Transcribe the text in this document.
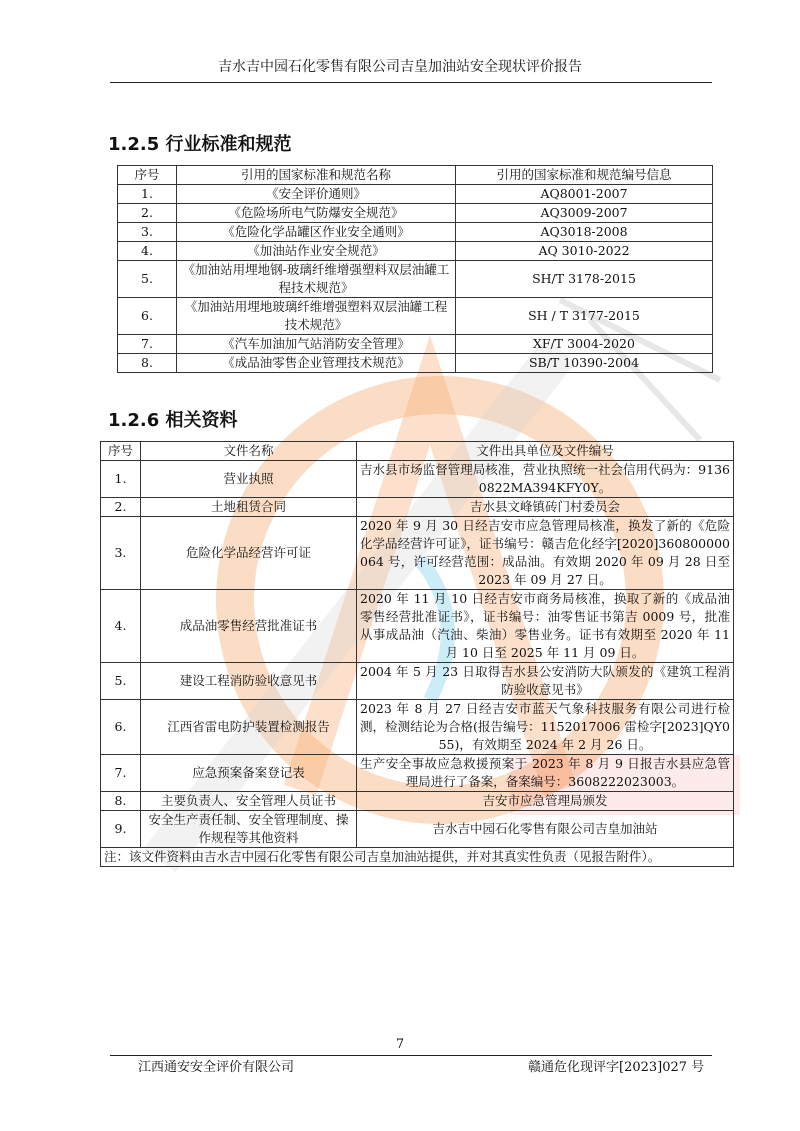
吉水吉中园石化零售有限公司吉皇加油站安全现状评价报告
1.2.5 行业标准和规范
序号	引用的国家标准和规范名称	引用的国家标准和规范编号信息
1.	《安全评价通则》	AQ8001-2007
2.	《危险场所电气防爆安全规范》	AQ3009-2007
3.	《危险化学品罐区作业安全通则》	AQ3018-2008
4.	《加油站作业安全规范》	AQ 3010-2022
5.	《加油站用埋地钢-玻璃纤维增强塑料双层油罐工程技术规范》	SH/T 3178-2015
6.	《加油站用埋地玻璃纤维增强塑料双层油罐工程技术规范》	SH / T 3177-2015
7.	《汽车加油加气站消防安全管理》	XF/T 3004-2020
8.	《成品油零售企业管理技术规范》	SB/T 10390-2004
1.2.6 相关资料
序号	文件名称	文件出具单位及文件编号
1.	营业执照	吉水县市场监督管理局核准，营业执照统一社会信用代码为：91360822MA394KFY0Y。
2.	土地租赁合同	吉水县文峰镇砖门村委员会
3.	危险化学品经营许可证	2020 年 9 月 30 日经吉安市应急管理局核准，换发了新的《危险化学品经营许可证》，证书编号：赣吉危化经字[2020]360800000064 号，许可经营范围：成品油。有效期 2020 年 09 月 28 日至 2023 年 09 月 27 日。
4.	成品油零售经营批准证书	2020 年 11 月 10 日经吉安市商务局核准，换取了新的《成品油零售经营批准证书》，证书编号：油零售证书第吉 0009 号，批准从事成品油（汽油、柴油）零售业务。证书有效期至 2020 年 11 月 10 日至 2025 年 11 月 09 日。
5.	建设工程消防验收意见书	2004 年 5 月 23 日取得吉水县公安消防大队颁发的《建筑工程消防验收意见书》
6.	江西省雷电防护装置检测报告	2023 年 8 月 27 日经吉安市蓝天气象科技服务有限公司进行检测，检测结论为合格(报告编号：1152017006 雷检字[2023]QY055)，有效期至 2024 年 2 月 26 日。
7.	应急预案备案登记表	生产安全事故应急救援预案于 2023 年 8 月 9 日报吉水县应急管理局进行了备案，备案编号：3608222023003。
8.	主要负责人、安全管理人员证书	吉安市应急管理局颁发
9.	安全生产责任制、安全管理制度、操作规程等其他资料	吉水吉中园石化零售有限公司吉皇加油站
注：该文件资料由吉水吉中园石化零售有限公司吉皇加油站提供，并对其真实性负责（见报告附件）。		
7
江西通安安全评价有限公司	赣通危化现评字[2023]027 号
